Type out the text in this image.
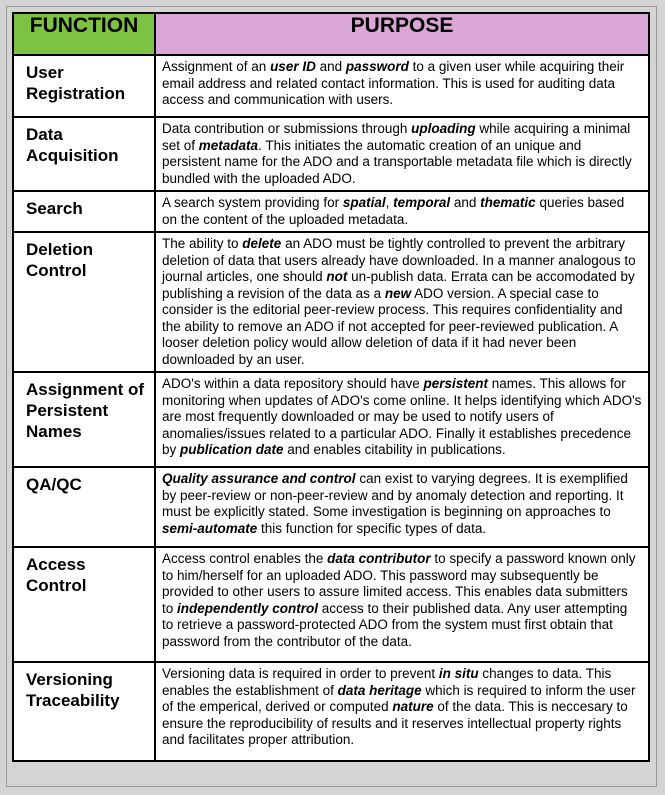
FUNCTION	PURPOSE
User Registration	Assignment of an user ID and password to a given user while acquiring their email address and related contact information. This is used for auditing data access and communication with users.
Data Acquisition	Data contribution or submissions through uploading while acquiring a minimal set of metadata. This initiates the automatic creation of an unique and persistent name for the ADO and a transportable metadata file which is directly bundled with the uploaded ADO.
Search	A search system providing for spatial, temporal and thematic queries based on the content of the uploaded metadata.
Deletion Control	The ability to delete an ADO must be tightly controlled to prevent the arbitrary deletion of data that users already have downloaded. In a manner analogous to journal articles, one should not un-publish data. Errata can be accomodated by publishing a revision of the data as a new ADO version. A special case to consider is the editorial peer-review process. This requires confidentiality and the ability to remove an ADO if not accepted for peer-reviewed publication. A looser deletion policy would allow deletion of data if it had never been downloaded by an user.
Assignment of Persistent Names	ADO's within a data repository should have persistent names. This allows for monitoring when updates of ADO's come online. It helps identifying which ADO's are most frequently downloaded or may be used to notify users of anomalies/issues related to a particular ADO. Finally it establishes precedence by publication date and enables citability in publications.
QA/QC	Quality assurance and control can exist to varying degrees. It is exemplified by peer-review or non-peer-review and by anomaly detection and reporting. It must be explicitly stated. Some investigation is beginning on approaches to semi-automate this function for specific types of data.
Access Control	Access control enables the data contributor to specify a password known only to him/herself for an uploaded ADO. This password may subsequently be provided to other users to assure limited access. This enables data submitters to independently control access to their published data. Any user attempting to retrieve a password-protected ADO from the system must first obtain that password from the contributor of the data.
Versioning Traceability	Versioning data is required in order to prevent in situ changes to data. This enables the establishment of data heritage which is required to inform the user of the emperical, derived or computed nature of the data. This is neccesary to ensure the reproducibility of results and it reserves intellectual property rights and facilitates proper attribution.
